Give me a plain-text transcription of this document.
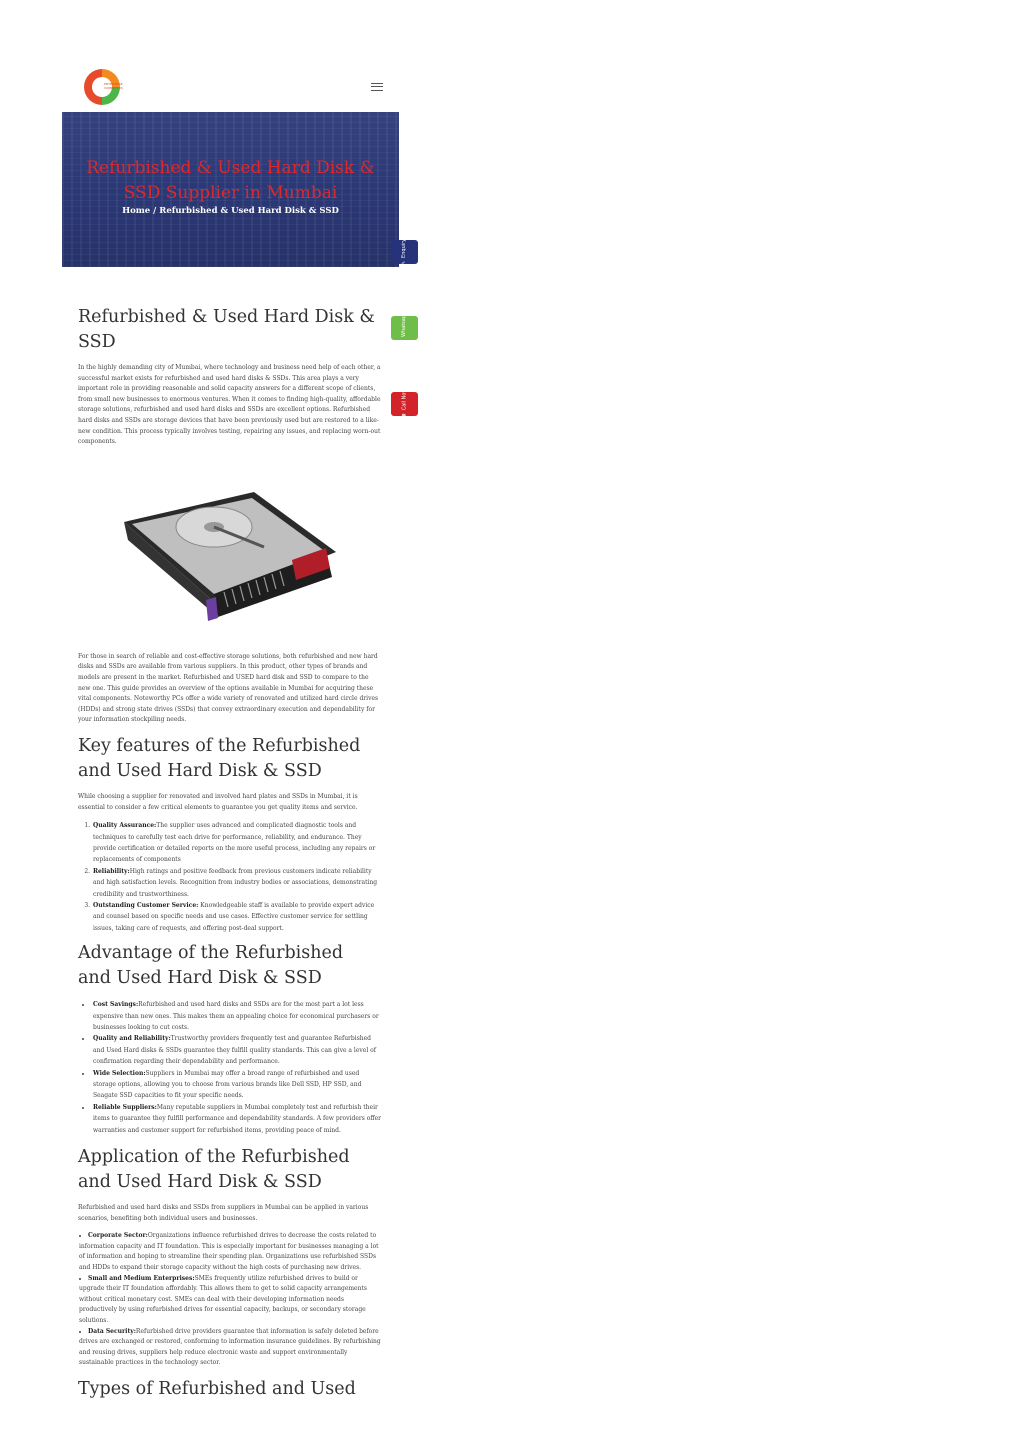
ENTERPRISE COMPUTERS
Refurbished & Used Hard Disk & SSD Supplier in Mumbai
Home / Refurbished & Used Hard Disk & SSD
✎
Enquiry
✆
Whatsapp
☎
Call Now
Refurbished & Used Hard Disk & SSD

In the highly demanding city of Mumbai, where technology and business need help of each other, a successful market exists for refurbished and used hard disks & SSDs. This area plays a very important role in providing reasonable and solid capacity answers for a different scope of clients, from small new businesses to enormous ventures. When it comes to finding high-quality, affordable storage solutions, refurbished and used hard disks and SSDs are excellent options. Refurbished hard disks and SSDs are storage devices that have been previously used but are restored to a like-new condition. This process typically involves testing, repairing any issues, and replacing worn-out components.

For those in search of reliable and cost-effective storage solutions, both refurbished and new hard disks and SSDs are available from various suppliers. In this product, other types of brands and models are present in the market. Refurbished and USED hard disk and SSD to compare to the new one. This guide provides an overview of the options available in Mumbai for acquiring these vital components. Noteworthy PCs offer a wide variety of renovated and utilized hard circle drives (HDDs) and strong state drives (SSDs) that convey extraordinary execution and dependability for your information stockpiling needs.

Key features of the Refurbished and Used Hard Disk & SSD

While choosing a supplier for renovated and involved hard plates and SSDs in Mumbai, it is essential to consider a few critical elements to guarantee you get quality items and service.

1. Quality Assurance:The supplier uses advanced and complicated diagnostic tools and techniques to carefully test each drive for performance, reliability, and endurance. They provide certification or detailed reports on the more useful process, including any repairs or replacements of components
2. Reliability:High ratings and positive feedback from previous customers indicate reliability and high satisfaction levels. Recognition from industry bodies or associations, demonstrating credibility and trustworthiness.
3. Outstanding Customer Service: Knowledgeable staff is available to provide expert advice and counsel based on specific needs and use cases. Effective customer service for settling issues, taking care of requests, and offering post-deal support.
Advantage of the Refurbished and Used Hard Disk & SSD
• Cost Savings:Refurbished and used hard disks and SSDs are for the most part a lot less expensive than new ones. This makes them an appealing choice for economical purchasers or businesses looking to cut costs.
• Quality and Reliability:Trustworthy providers frequently test and guarantee Refurbished and Used Hard disks & SSDs guarantee they fulfill quality standards. This can give a level of confirmation regarding their dependability and performance.
• Wide Selection:Suppliers in Mumbai may offer a broad range of refurbished and used storage options, allowing you to choose from various brands like Dell SSD, HP SSD, and Seagate SSD capacities to fit your specific needs.
• Reliable Suppliers:Many reputable suppliers in Mumbai completely test and refurbish their items to guarantee they fulfill performance and dependability standards. A few providers offer warranties and customer support for refurbished items, providing peace of mind.
Application of the Refurbished and Used Hard Disk & SSD

Refurbished and used hard disks and SSDs from suppliers in Mumbai can be applied in various scenarios, benefiting both individual users and businesses.

• Corporate Sector:Organizations influence refurbished drives to decrease the costs related to information capacity and IT foundation. This is especially important for businesses managing a lot of information and hoping to streamline their spending plan. Organizations use refurbished SSDs and HDDs to expand their storage capacity without the high costs of purchasing new drives.
• Small and Medium Enterprises:SMEs frequently utilize refurbished drives to build or upgrade their IT foundation affordably. This allows them to get to solid capacity arrangements without critical monetary cost. SMEs can deal with their developing information needs productively by using refurbished drives for essential capacity, backups, or secondary storage solutions.
• Data Security:Refurbished drive providers guarantee that information is safely deleted before drives are exchanged or restored, conforming to information insurance guidelines. By refurbishing and reusing drives, suppliers help reduce electronic waste and support environmentally sustainable practices in the technology sector.
Types of Refurbished and Used
